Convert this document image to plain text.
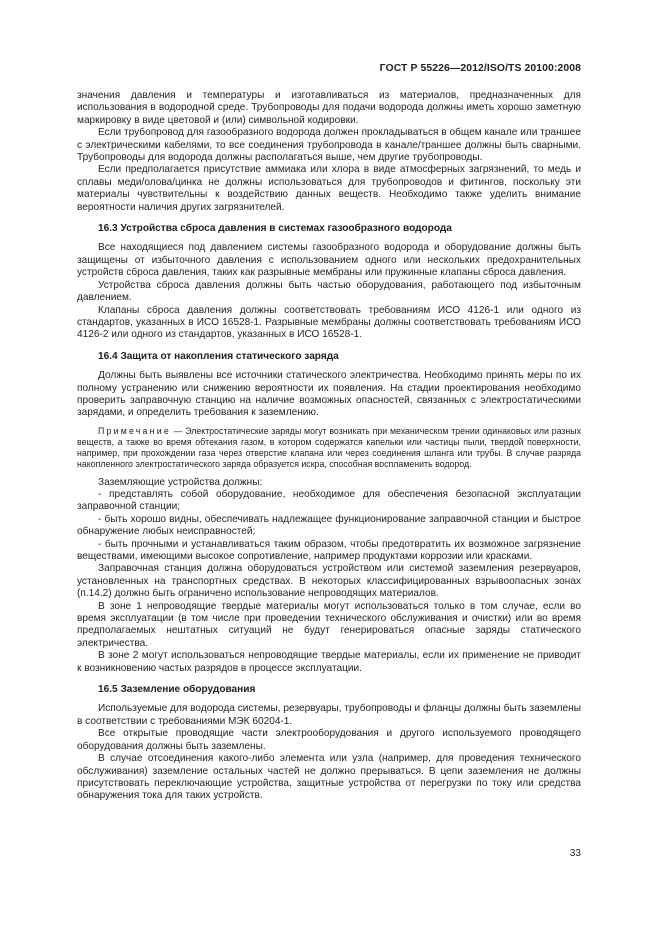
ГОСТ Р 55226—2012/ISO/TS 20100:2008

значения давления и температуры и изготавливаться из материалов, предназначенных для использования в водородной среде. Трубопроводы для подачи водорода должны иметь хорошо заметную маркировку в виде цветовой и (или) символьной кодировки.

Если трубопровод для газообразного водорода должен прокладываться в общем канале или траншее с электрическими кабелями, то все соединения трубопровода в канале/траншее должны быть сварными. Трубопроводы для водорода должны располагаться выше, чем другие трубопроводы.

Если предполагается присутствие аммиака или хлора в виде атмосферных загрязнений, то медь и сплавы меди/олова/цинка не должны использоваться для трубопроводов и фитингов, поскольку эти материалы чувствительны к воздействию данных веществ. Необходимо также уделить внимание вероятности наличия других загрязнителей.

16.3 Устройства сброса давления в системах газообразного водорода

Все находящиеся под давлением системы газообразного водорода и оборудование должны быть защищены от избыточного давления с использованием одного или нескольких предохранительных устройств сброса давления, таких как разрывные мембраны или пружинные клапаны сброса давления.

Устройства сброса давления должны быть частью оборудования, работающего под избыточным давлением.

Клапаны сброса давления должны соответствовать требованиям ИСО 4126-1 или одного из стандартов, указанных в ИСО 16528-1. Разрывные мембраны должны соответствовать требованиям ИСО 4126-2 или одного из стандартов, указанных в ИСО 16528-1.

16.4 Защита от накопления статического заряда

Должны быть выявлены все источники статического электричества. Необходимо принять меры по их полному устранению или снижению вероятности их появления. На стадии проектирования необходимо проверить заправочную станцию на наличие возможных опасностей, связанных с электростатическими зарядами, и определить требования к заземлению.

Примечание — Электростатические заряды могут возникать при механическом трении одинаковых или разных веществ, а также во время обтекания газом, в котором содержатся капельки или частицы пыли, твердой поверхности, например, при прохождении газа через отверстие клапана или через соединения шланга или трубы. В случае разряда накопленного электростатического заряда образуется искра, способная воспламенить водород.

Заземляющие устройства должны:

- представлять собой оборудование, необходимое для обеспечения безопасной эксплуатации заправочной станции;

- быть хорошо видны, обеспечивать надлежащее функционирование заправочной станции и быстрое обнаружение любых неисправностей;

- быть прочными и устанавливаться таким образом, чтобы предотвратить их возможное загрязнение веществами, имеющими высокое сопротивление, например продуктами коррозии или красками.

Заправочная станция должна оборудоваться устройством или системой заземления резервуаров, установленных на транспортных средствах. В некоторых классифицированных взрывоопасных зонах (п.14.2) должно быть ограничено использование непроводящих материалов.

В зоне 1 непроводящие твердые материалы могут использоваться только в том случае, если во время эксплуатации (в том числе при проведении технического обслуживания и очистки) или во время предполагаемых нештатных ситуаций не будут генерироваться опасные заряды статического электричества.

В зоне 2 могут использоваться непроводящие твердые материалы, если их применение не приводит к возникновению частых разрядов в процессе эксплуатации.

16.5 Заземление оборудования

Используемые для водорода системы, резервуары, трубопроводы и фланцы должны быть заземлены в соответствии с требованиями МЭК 60204-1.

Все открытые проводящие части электрооборудования и другого используемого проводящего оборудования должны быть заземлены.

В случае отсоединения какого-либо элемента или узла (например, для проведения технического обслуживания) заземление остальных частей не должно прерываться. В цепи заземления не должны присутствовать переключающие устройства, защитные устройства от перегрузки по току или средства обнаружения тока для таких устройств.

33
